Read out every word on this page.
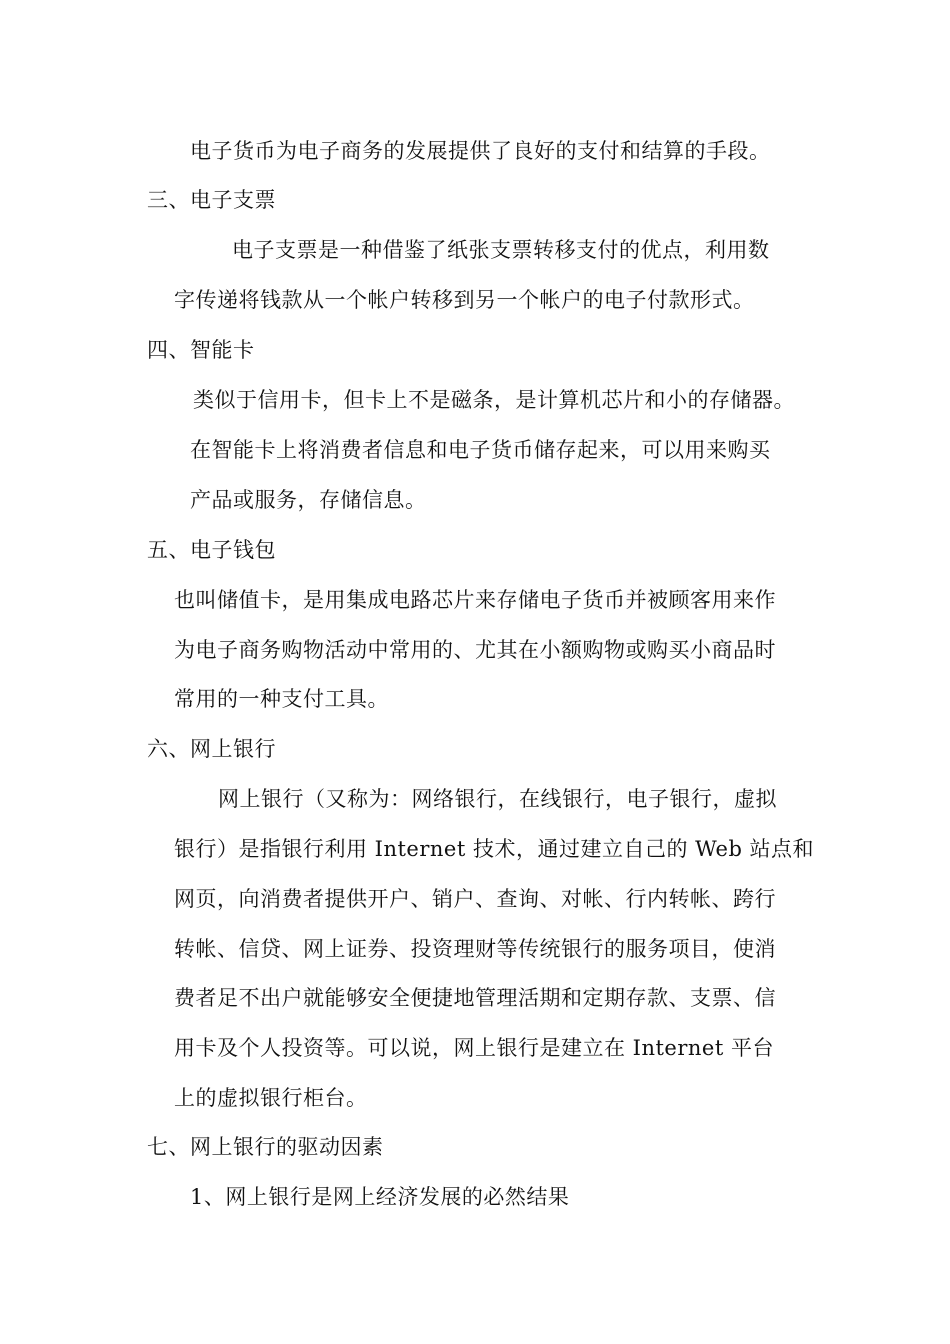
电子货币为电子商务的发展提供了良好的支付和结算的手段。

三、电子支票

电子支票是一种借鉴了纸张支票转移支付的优点，利用数

字传递将钱款从一个帐户转移到另一个帐户的电子付款形式。

四、智能卡

类似于信用卡，但卡上不是磁条，是计算机芯片和小的存储器。

在智能卡上将消费者信息和电子货币储存起来，可以用来购买

产品或服务，存储信息。

五、电子钱包

也叫储值卡，是用集成电路芯片来存储电子货币并被顾客用来作

为电子商务购物活动中常用的、尤其在小额购物或购买小商品时

常用的一种支付工具。

六、网上银行

网上银行（又称为：网络银行，在线银行，电子银行，虚拟

银行）是指银行利用 Internet 技术，通过建立自己的 Web 站点和

网页，向消费者提供开户、销户、查询、对帐、行内转帐、跨行

转帐、信贷、网上证券、投资理财等传统银行的服务项目，使消

费者足不出户就能够安全便捷地管理活期和定期存款、支票、信

用卡及个人投资等。可以说，网上银行是建立在 Internet 平台

上的虚拟银行柜台。

七、网上银行的驱动因素

1、网上银行是网上经济发展的必然结果
